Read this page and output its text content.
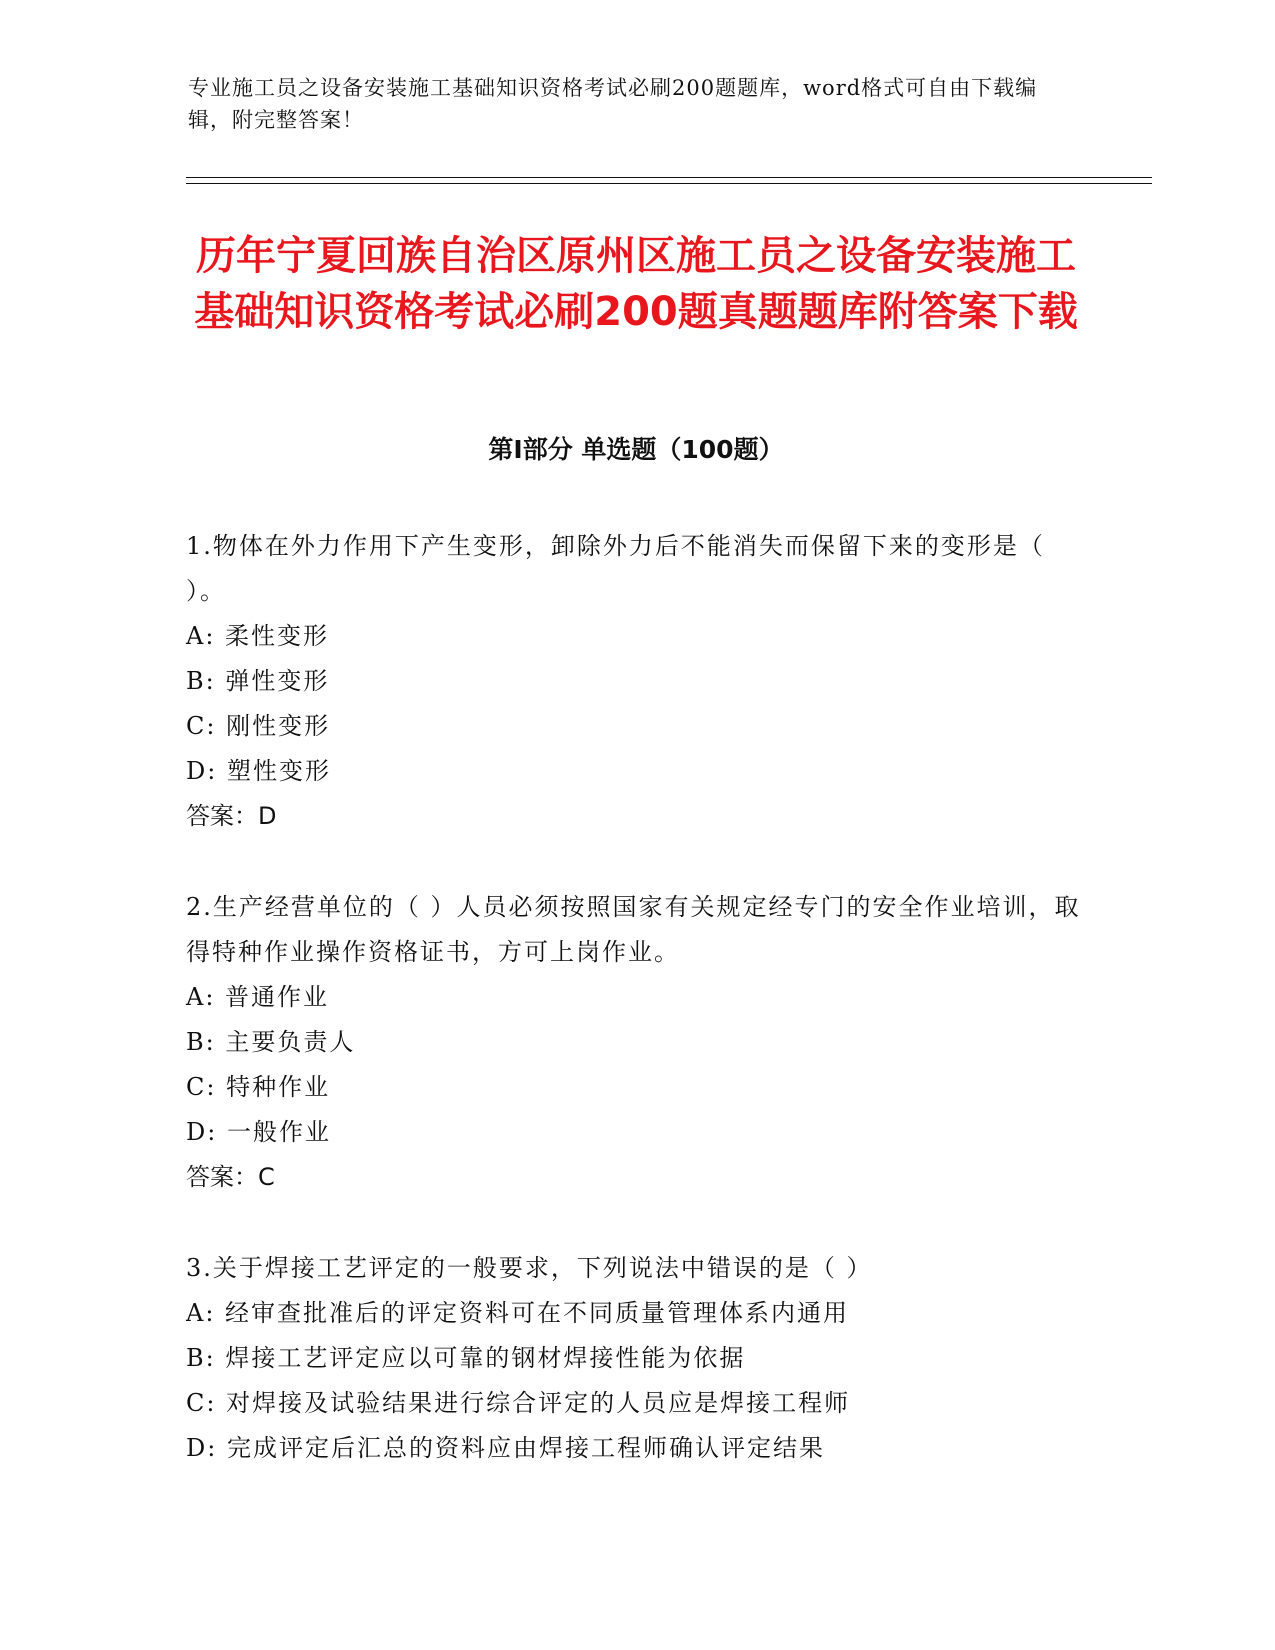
专业施工员之设备安装施工基础知识资格考试必刷200题题库，word格式可自由下载编辑，附完整答案！

历年宁夏回族自治区原州区施工员之设备安装施工基础知识资格考试必刷200题真题题库附答案下载
第I部分 单选题（100题）

1.物体在外力作用下产生变形，卸除外力后不能消失而保留下来的变形是（ ）。

A: 柔性变形

B: 弹性变形

C: 刚性变形

D: 塑性变形

答案：D

2.生产经营单位的（ ）人员必须按照国家有关规定经专门的安全作业培训，取得特种作业操作资格证书，方可上岗作业。

A: 普通作业

B: 主要负责人

C: 特种作业

D: 一般作业

答案：C

3.关于焊接工艺评定的一般要求，下列说法中错误的是（ ）

A: 经审查批准后的评定资料可在不同质量管理体系内通用

B: 焊接工艺评定应以可靠的钢材焊接性能为依据

C: 对焊接及试验结果进行综合评定的人员应是焊接工程师

D: 完成评定后汇总的资料应由焊接工程师确认评定结果
